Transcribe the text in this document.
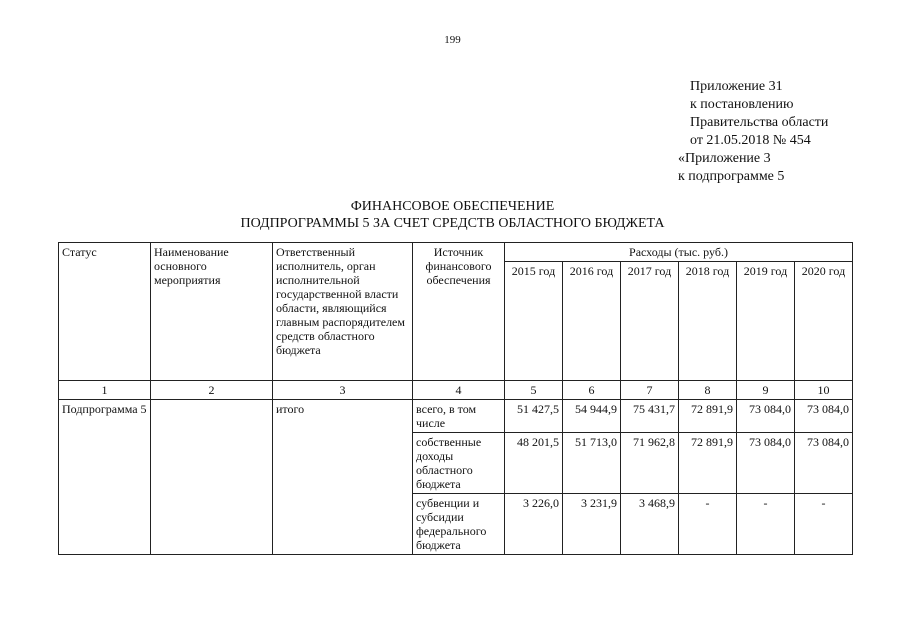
199
Приложение 31
к постановлению
Правительства области
от 21.05.2018 № 454
«Приложение 3
к подпрограмме 5
ФИНАНСОВОЕ ОБЕСПЕЧЕНИЕ
ПОДПРОГРАММЫ 5 ЗА СЧЕТ СРЕДСТВ ОБЛАСТНОГО БЮДЖЕТА
Статус	Наименование основного мероприятия	Ответственный исполнитель, орган исполнительной государственной власти области, являющийся главным распорядителем средств областного бюджета	Источник финансового обеспечения	Расходы (тыс. руб.)					
				2015 год	2016 год	2017 год	2018 год	2019 год	2020 год
1	2	3	4	5	6	7	8	9	10
Подпрограмма 5		итого	всего, в том числе	51 427,5	54 944,9	75 431,7	72 891,9	73 084,0	73 084,0
			собственные доходы областного бюджета	48 201,5	51 713,0	71 962,8	72 891,9	73 084,0	73 084,0
			субвенции и субсидии федерального бюджета	3 226,0	3 231,9	3 468,9	-	-	-
